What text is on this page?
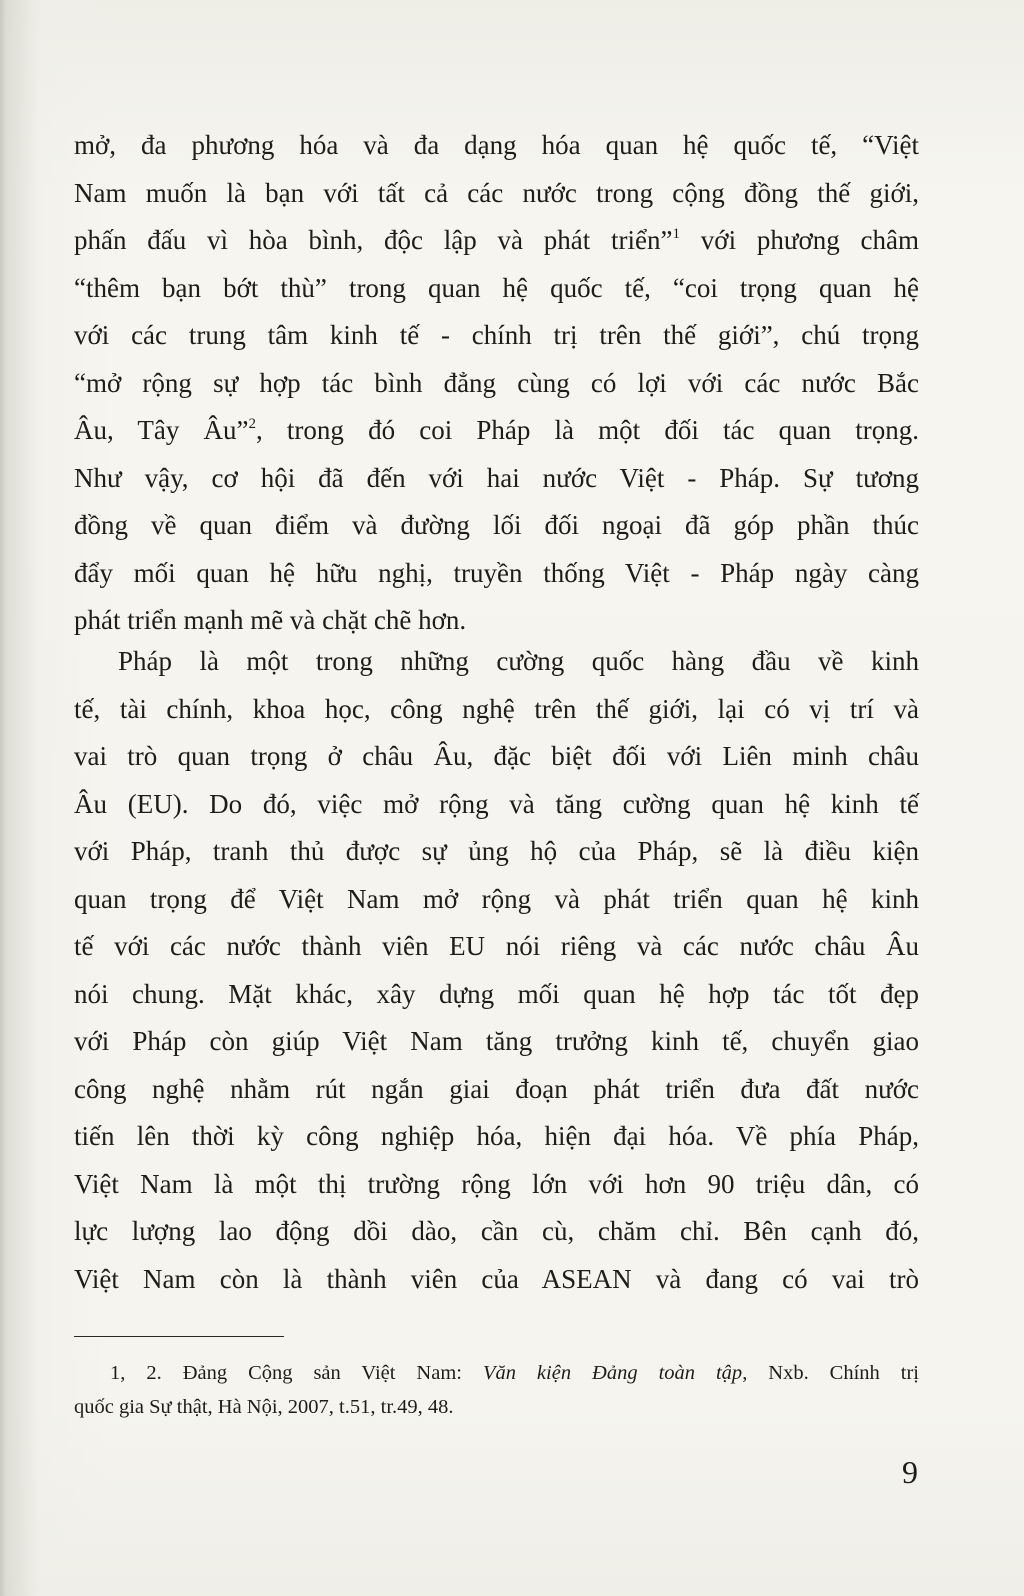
mở, đa phương hóa và đa dạng hóa quan hệ quốc tế, “Việt
Nam muốn là bạn với tất cả các nước trong cộng đồng thế giới,
phấn đấu vì hòa bình, độc lập và phát triển”$^1$ với phương châm
“thêm bạn bớt thù” trong quan hệ quốc tế, “coi trọng quan hệ
với các trung tâm kinh tế - chính trị trên thế giới”, chú trọng
“mở rộng sự hợp tác bình đẳng cùng có lợi với các nước Bắc
Âu, Tây Âu”$^2$, trong đó coi Pháp là một đối tác quan trọng.
Như vậy, cơ hội đã đến với hai nước Việt - Pháp. Sự tương
đồng về quan điểm và đường lối đối ngoại đã góp phần thúc
đẩy mối quan hệ hữu nghị, truyền thống Việt - Pháp ngày càng
phát triển mạnh mẽ và chặt chẽ hơn.
Pháp là một trong những cường quốc hàng đầu về kinh
tế, tài chính, khoa học, công nghệ trên thế giới, lại có vị trí và
vai trò quan trọng ở châu Âu, đặc biệt đối với Liên minh châu
Âu (EU). Do đó, việc mở rộng và tăng cường quan hệ kinh tế
với Pháp, tranh thủ được sự ủng hộ của Pháp, sẽ là điều kiện
quan trọng để Việt Nam mở rộng và phát triển quan hệ kinh
tế với các nước thành viên EU nói riêng và các nước châu Âu
nói chung. Mặt khác, xây dựng mối quan hệ hợp tác tốt đẹp
với Pháp còn giúp Việt Nam tăng trưởng kinh tế, chuyển giao
công nghệ nhằm rút ngắn giai đoạn phát triển đưa đất nước
tiến lên thời kỳ công nghiệp hóa, hiện đại hóa. Về phía Pháp,
Việt Nam là một thị trường rộng lớn với hơn 90 triệu dân, có
lực lượng lao động dồi dào, cần cù, chăm chỉ. Bên cạnh đó,
Việt Nam còn là thành viên của ASEAN và đang có vai trò
1, 2. Đảng Cộng sản Việt Nam: Văn kiện Đảng toàn tập, Nxb. Chính trị
quốc gia Sự thật, Hà Nội, 2007, t.51, tr.49, 48.
9
